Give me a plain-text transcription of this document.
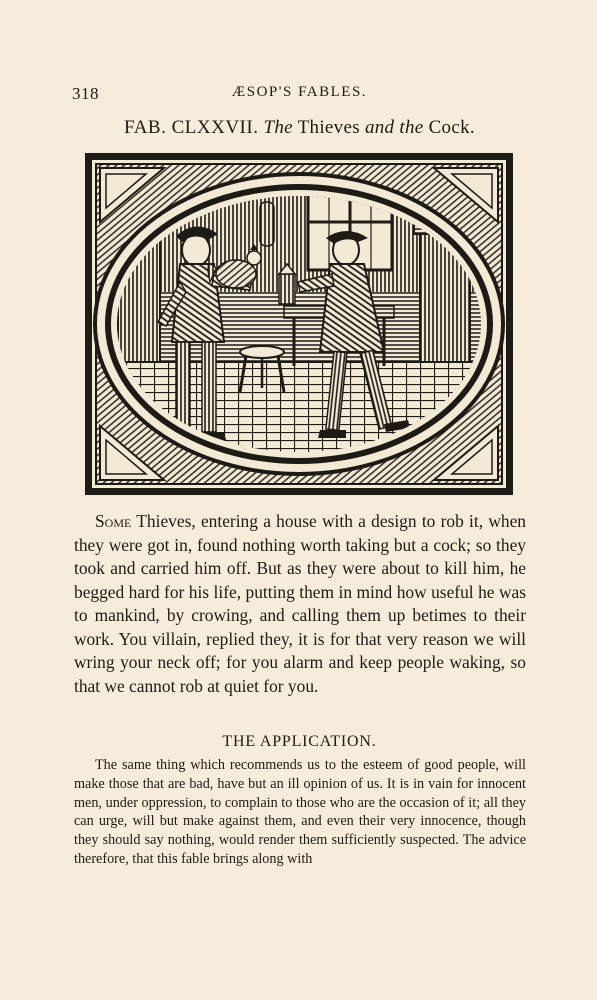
318	ÆSOP'S FABLES.
FAB. CLXXVII. The Thieves and the Cock.

Some Thieves, entering a house with a design to rob it, when they were got in, found nothing worth taking but a cock; so they took and carried him off. But as they were about to kill him, he begged hard for his life, putting them in mind how useful he was to mankind, by crowing, and calling them up betimes to their work. You villain, replied they, it is for that very reason we will wring your neck off; for you alarm and keep people waking, so that we cannot rob at quiet for you.

THE APPLICATION.

The same thing which recommends us to the esteem of good people, will make those that are bad, have but an ill opinion of us. It is in vain for innocent men, under oppression, to complain to those who are the occasion of it; all they can urge, will but make against them, and even their very innocence, though they should say nothing, would render them sufficiently suspected. The advice therefore, that this fable brings along with
